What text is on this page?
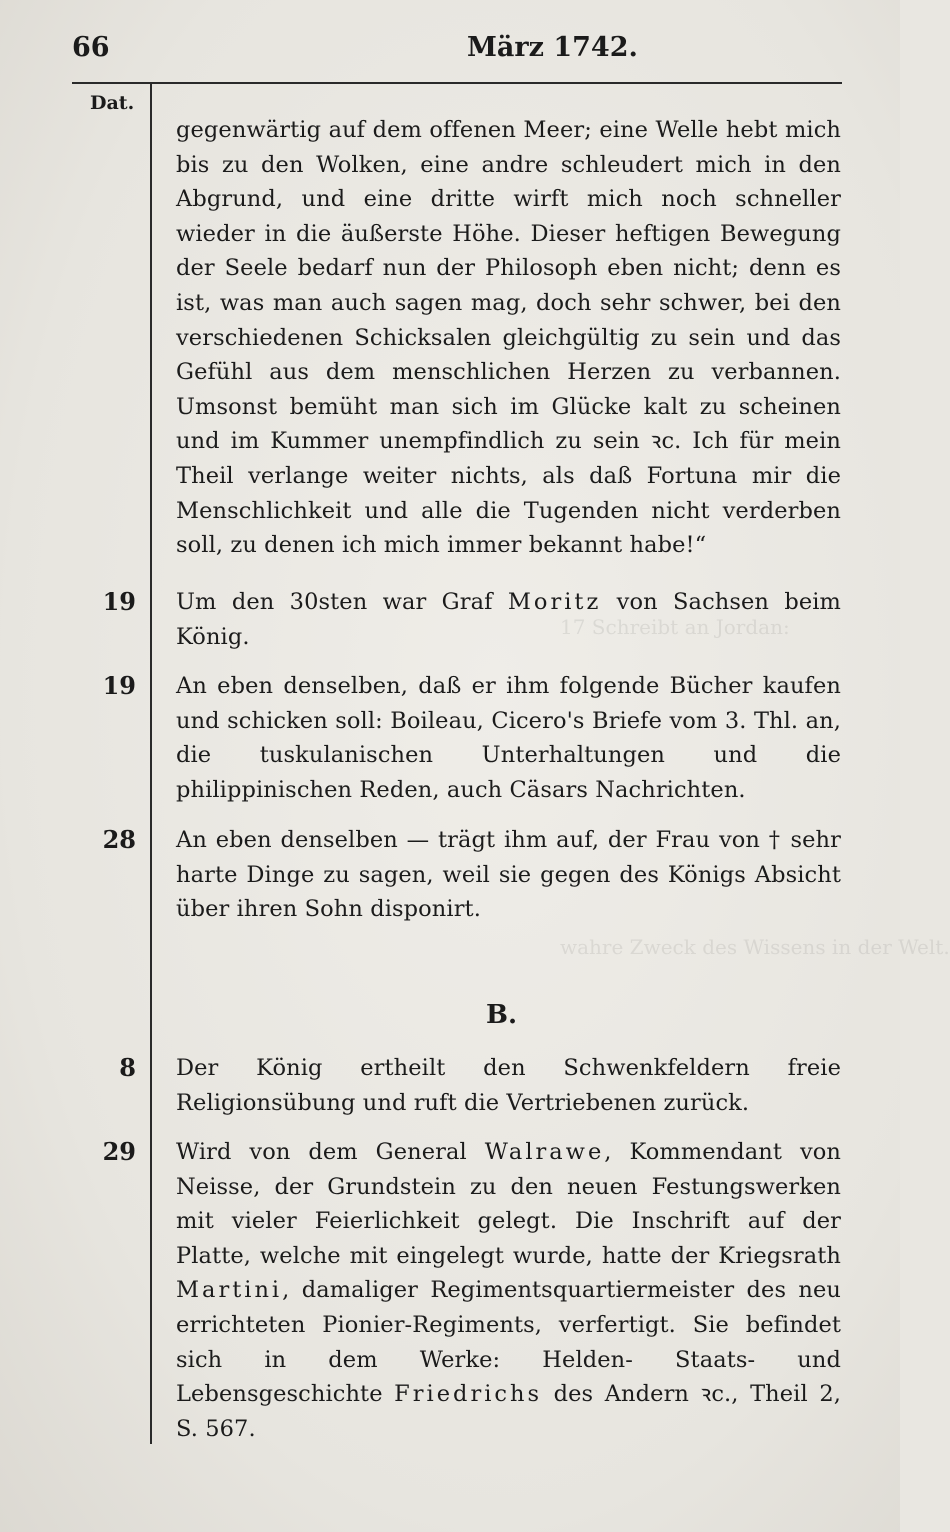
17 Schreibt an Jordan:
wahre Zweck des Wissens in der Welt.
66	März 1742.
Dat.
gegenwärtig auf dem offenen Meer; eine Welle hebt mich bis zu den Wolken, eine andre schleudert mich in den Abgrund, und eine dritte wirft mich noch schneller wieder in die äußerste Höhe. Dieser heftigen Bewegung der Seele bedarf nun der Philosoph eben nicht; denn es ist, was man auch sagen mag, doch sehr schwer, bei den verschiedenen Schicksalen gleichgültig zu sein und das Gefühl aus dem menschlichen Herzen zu verbannen. Umsonst bemüht man sich im Glücke kalt zu scheinen und im Kummer unempfindlich zu sein ꝛc. Ich für mein Theil verlange weiter nichts, als daß Fortuna mir die Menschlichkeit und alle die Tugenden nicht verderben soll, zu denen ich mich immer bekannt habe!“
19 Um den 30sten war Graf Moritz von Sachsen beim König.
19 An eben denselben, daß er ihm folgende Bücher kaufen und schicken soll: Boileau, Cicero's Briefe vom 3. Thl. an, die tuskulanischen Unterhaltungen und die philippinischen Reden, auch Cäsars Nachrichten.
28 An eben denselben — trägt ihm auf, der Frau von † sehr harte Dinge zu sagen, weil sie gegen des Königs Absicht über ihren Sohn disponirt.
B.
8 Der König ertheilt den Schwenkfeldern freie Religionsübung und ruft die Vertriebenen zurück.
29 Wird von dem General Walrawe, Kommendant von Neisse, der Grundstein zu den neuen Festungswerken mit vieler Feierlichkeit gelegt. Die Inschrift auf der Platte, welche mit eingelegt wurde, hatte der Kriegsrath Martini, damaliger Regimentsquartiermeister des neu errichteten Pionier-Regiments, verfertigt. Sie befindet sich in dem Werke: Helden- Staats- und Lebensgeschichte Friedrichs des Andern ꝛc., Theil 2, S. 567.
